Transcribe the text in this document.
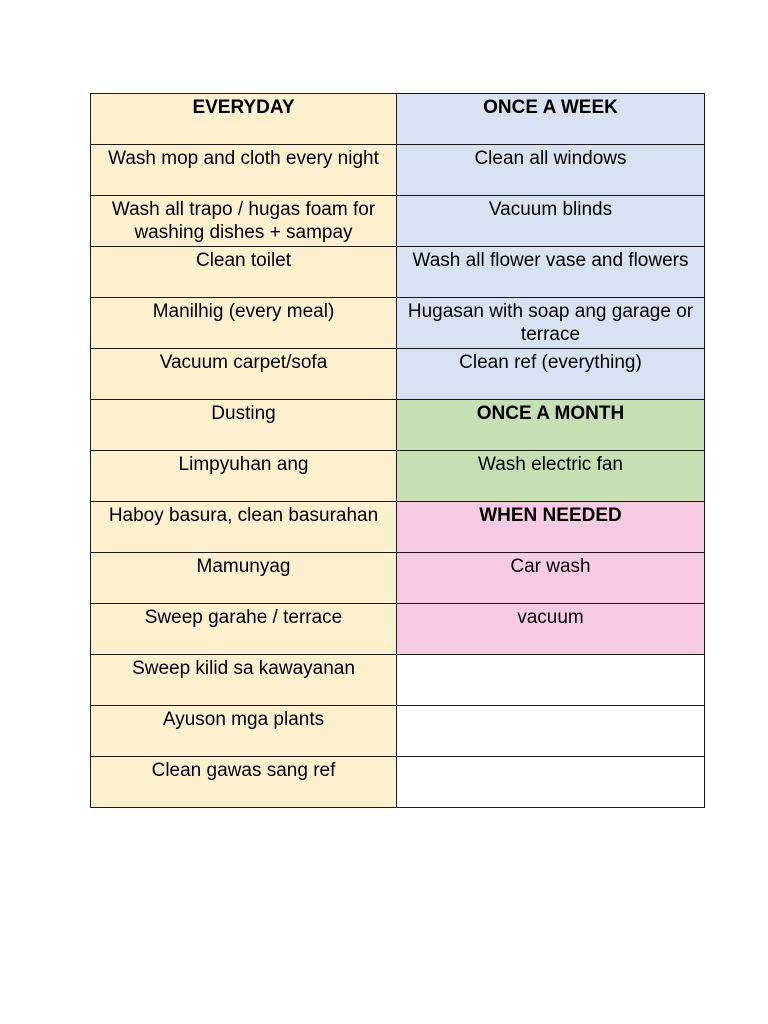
EVERYDAY	ONCE A WEEK

Wash mop and cloth every night	Clean all windows

Wash all trapo / hugas foam for washing dishes + sampay	Vacuum blinds

Clean toilet	Wash all flower vase and flowers

Manilhig (every meal)	Hugasan with soap ang garage or terrace

Vacuum carpet/sofa	Clean ref (everything)

Dusting	ONCE A MONTH

Limpyuhan ang	Wash electric fan

Haboy basura, clean basurahan	WHEN NEEDED

Mamunyag	Car wash

Sweep garahe / terrace	vacuum

Sweep kilid sa kawayanan	

Ayuson mga plants	

Clean gawas sang ref	
